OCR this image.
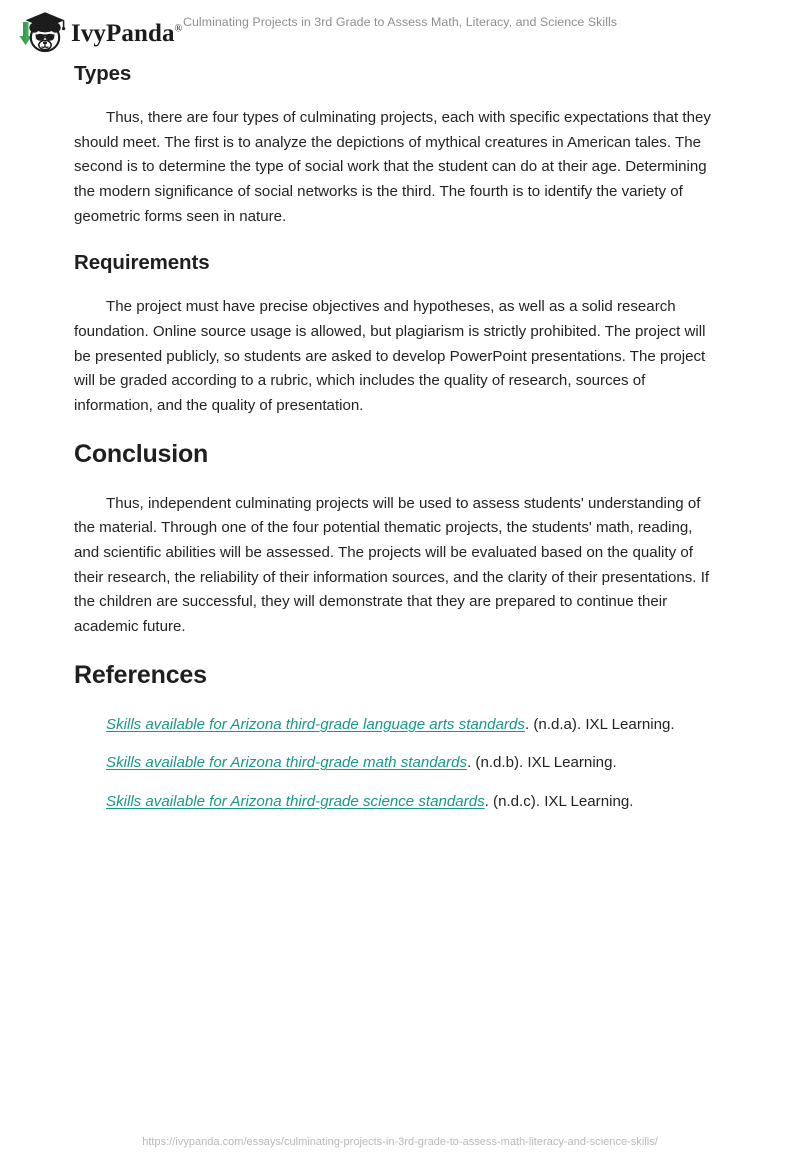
IvyPanda® Culminating Projects in 3rd Grade to Assess Math, Literacy, and Science Skills
Types

Thus, there are four types of culminating projects, each with specific expectations that they should meet. The first is to analyze the depictions of mythical creatures in American tales. The second is to determine the type of social work that the student can do at their age. Determining the modern significance of social networks is the third. The fourth is to identify the variety of geometric forms seen in nature.

Requirements

The project must have precise objectives and hypotheses, as well as a solid research foundation. Online source usage is allowed, but plagiarism is strictly prohibited. The project will be presented publicly, so students are asked to develop PowerPoint presentations. The project will be graded according to a rubric, which includes the quality of research, sources of information, and the quality of presentation.

Conclusion

Thus, independent culminating projects will be used to assess students' understanding of the material. Through one of the four potential thematic projects, the students' math, reading, and scientific abilities will be assessed. The projects will be evaluated based on the quality of their research, the reliability of their information sources, and the clarity of their presentations. If the children are successful, they will demonstrate that they are prepared to continue their academic future.

References

Skills available for Arizona third-grade language arts standards. (n.d.a). IXL Learning.

Skills available for Arizona third-grade math standards. (n.d.b). IXL Learning.

Skills available for Arizona third-grade science standards. (n.d.c). IXL Learning.

https://ivypanda.com/essays/culminating-projects-in-3rd-grade-to-assess-math-literacy-and-science-skills/
